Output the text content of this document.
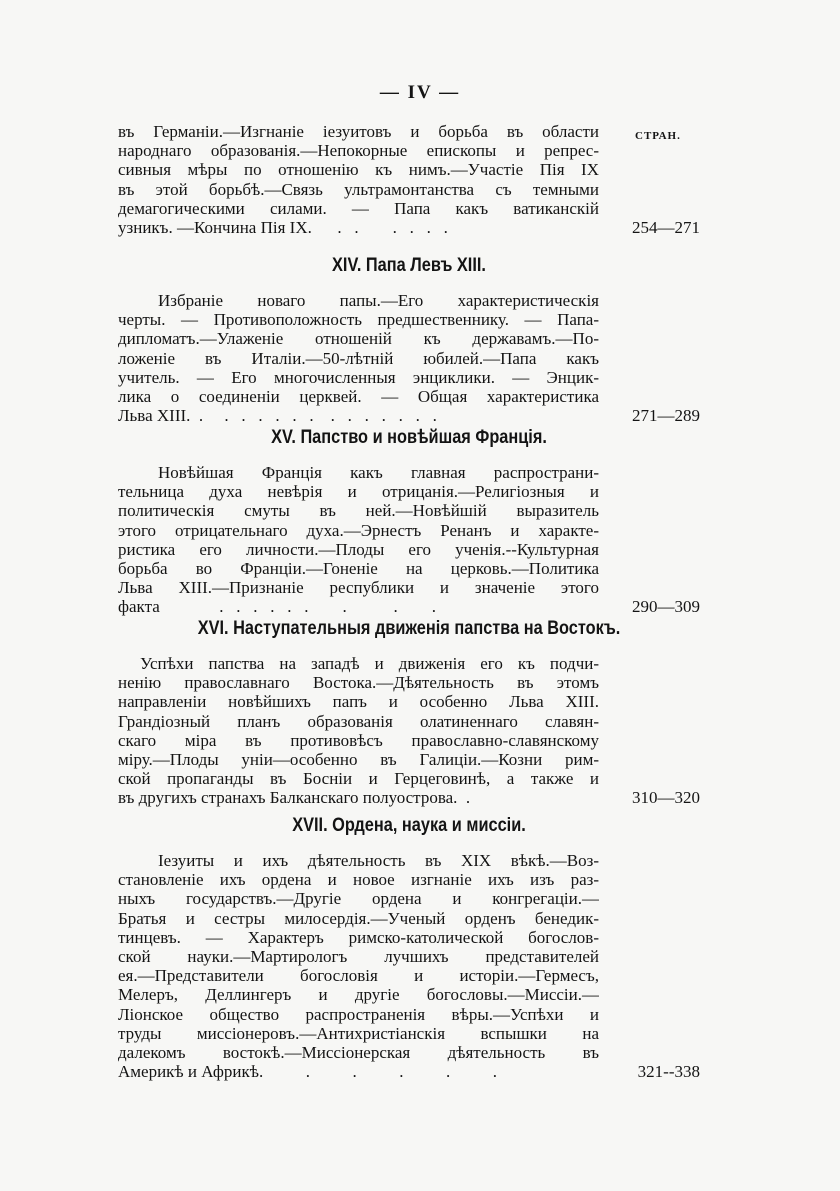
— IV —
СТРАН.
въ Германіи.—Изгнаніе іезуитовъ и борьба въ области
народнаго образованія.—Непокорные епископы и репрес-
сивныя мѣры по отношенію къ нимъ.—Участіе Пія IX
въ этой борьбѣ.—Связь ультрамонтанства съ темными
демагогическими силами. — Папа какъ ватиканскій
узникъ. —Кончина Пія IX.      .   .        .   .   .   .	254—271
XIV. Папа Левъ XIII.
Избраніе новаго папы.—Его характеристическія
черты. — Противоположность предшественнику. — Папа-
дипломатъ.—Улаженіе отношеній къ державамъ.—По-
ложеніе въ Италіи.—50-лѣтній юбилей.—Папа какъ
учитель. — Его многочисленныя энциклики. — Энцик-
лика о соединеніи церквей. — Общая характеристика
Льва XIII.  .     .   .   .   .   .   .    .   .   .   .   .   .   .	271—289
XV. Папство и новѣйшая Франція.
Новѣйшая Франція какъ главная распространи-
тельница духа невѣрія и отрицанія.—Религіозныя и
политическія смуты въ ней.—Новѣйшій выразитель
этого отрицательнаго духа.—Эрнестъ Ренанъ и характе-
ристика его личности.—Плоды его ученія.--Культурная
борьба во Франціи.—Гоненіе на церковь.—Политика
Льва XIII.—Признаніе республики и значеніе этого
факта              .   .   .   .   .   .        .           .        .	290—309
XVI. Наступательныя движенія папства на Востокъ.
Успѣхи папства на западѣ и движенія его къ подчи-
ненію православнаго Востока.—Дѣятельность въ этомъ
направленіи новѣйшихъ папъ и особенно Льва XIII.
Грандіозный планъ образованія олатиненнаго славян-
скаго міра въ противовѣсъ православно-славянскому
міру.—Плоды уніи—особенно въ Галиціи.—Козни рим-
ской пропаганды въ Босніи и Герцеговинѣ, а также и
въ другихъ странахъ Балканскаго полуострова.  .	310—320
XVII. Ордена, наука и миссіи.
Іезуиты и ихъ дѣятельность въ XIX вѣкѣ.—Воз-
становленіе ихъ ордена и новое изгнаніе ихъ изъ раз-
ныхъ государствъ.—Другіе ордена и конгрегаціи.—
Братья и сестры милосердія.—Ученый орденъ бенедик-
тинцевъ. — Характеръ римско-католической богослов-
ской науки.—Мартирологъ лучшихъ представителей
ея.—Представители богословія и исторіи.—Гермесъ,
Мелеръ, Деллингеръ и другіе богословы.—Миссіи.—
Ліонское общество распространенія вѣры.—Успѣхи и
труды миссіонеровъ.—Антихристіанскія вспышки на
далекомъ востокѣ.—Миссіонерская дѣятельность въ
Америкѣ и Африкѣ.          .          .          .          .          .	321--338
